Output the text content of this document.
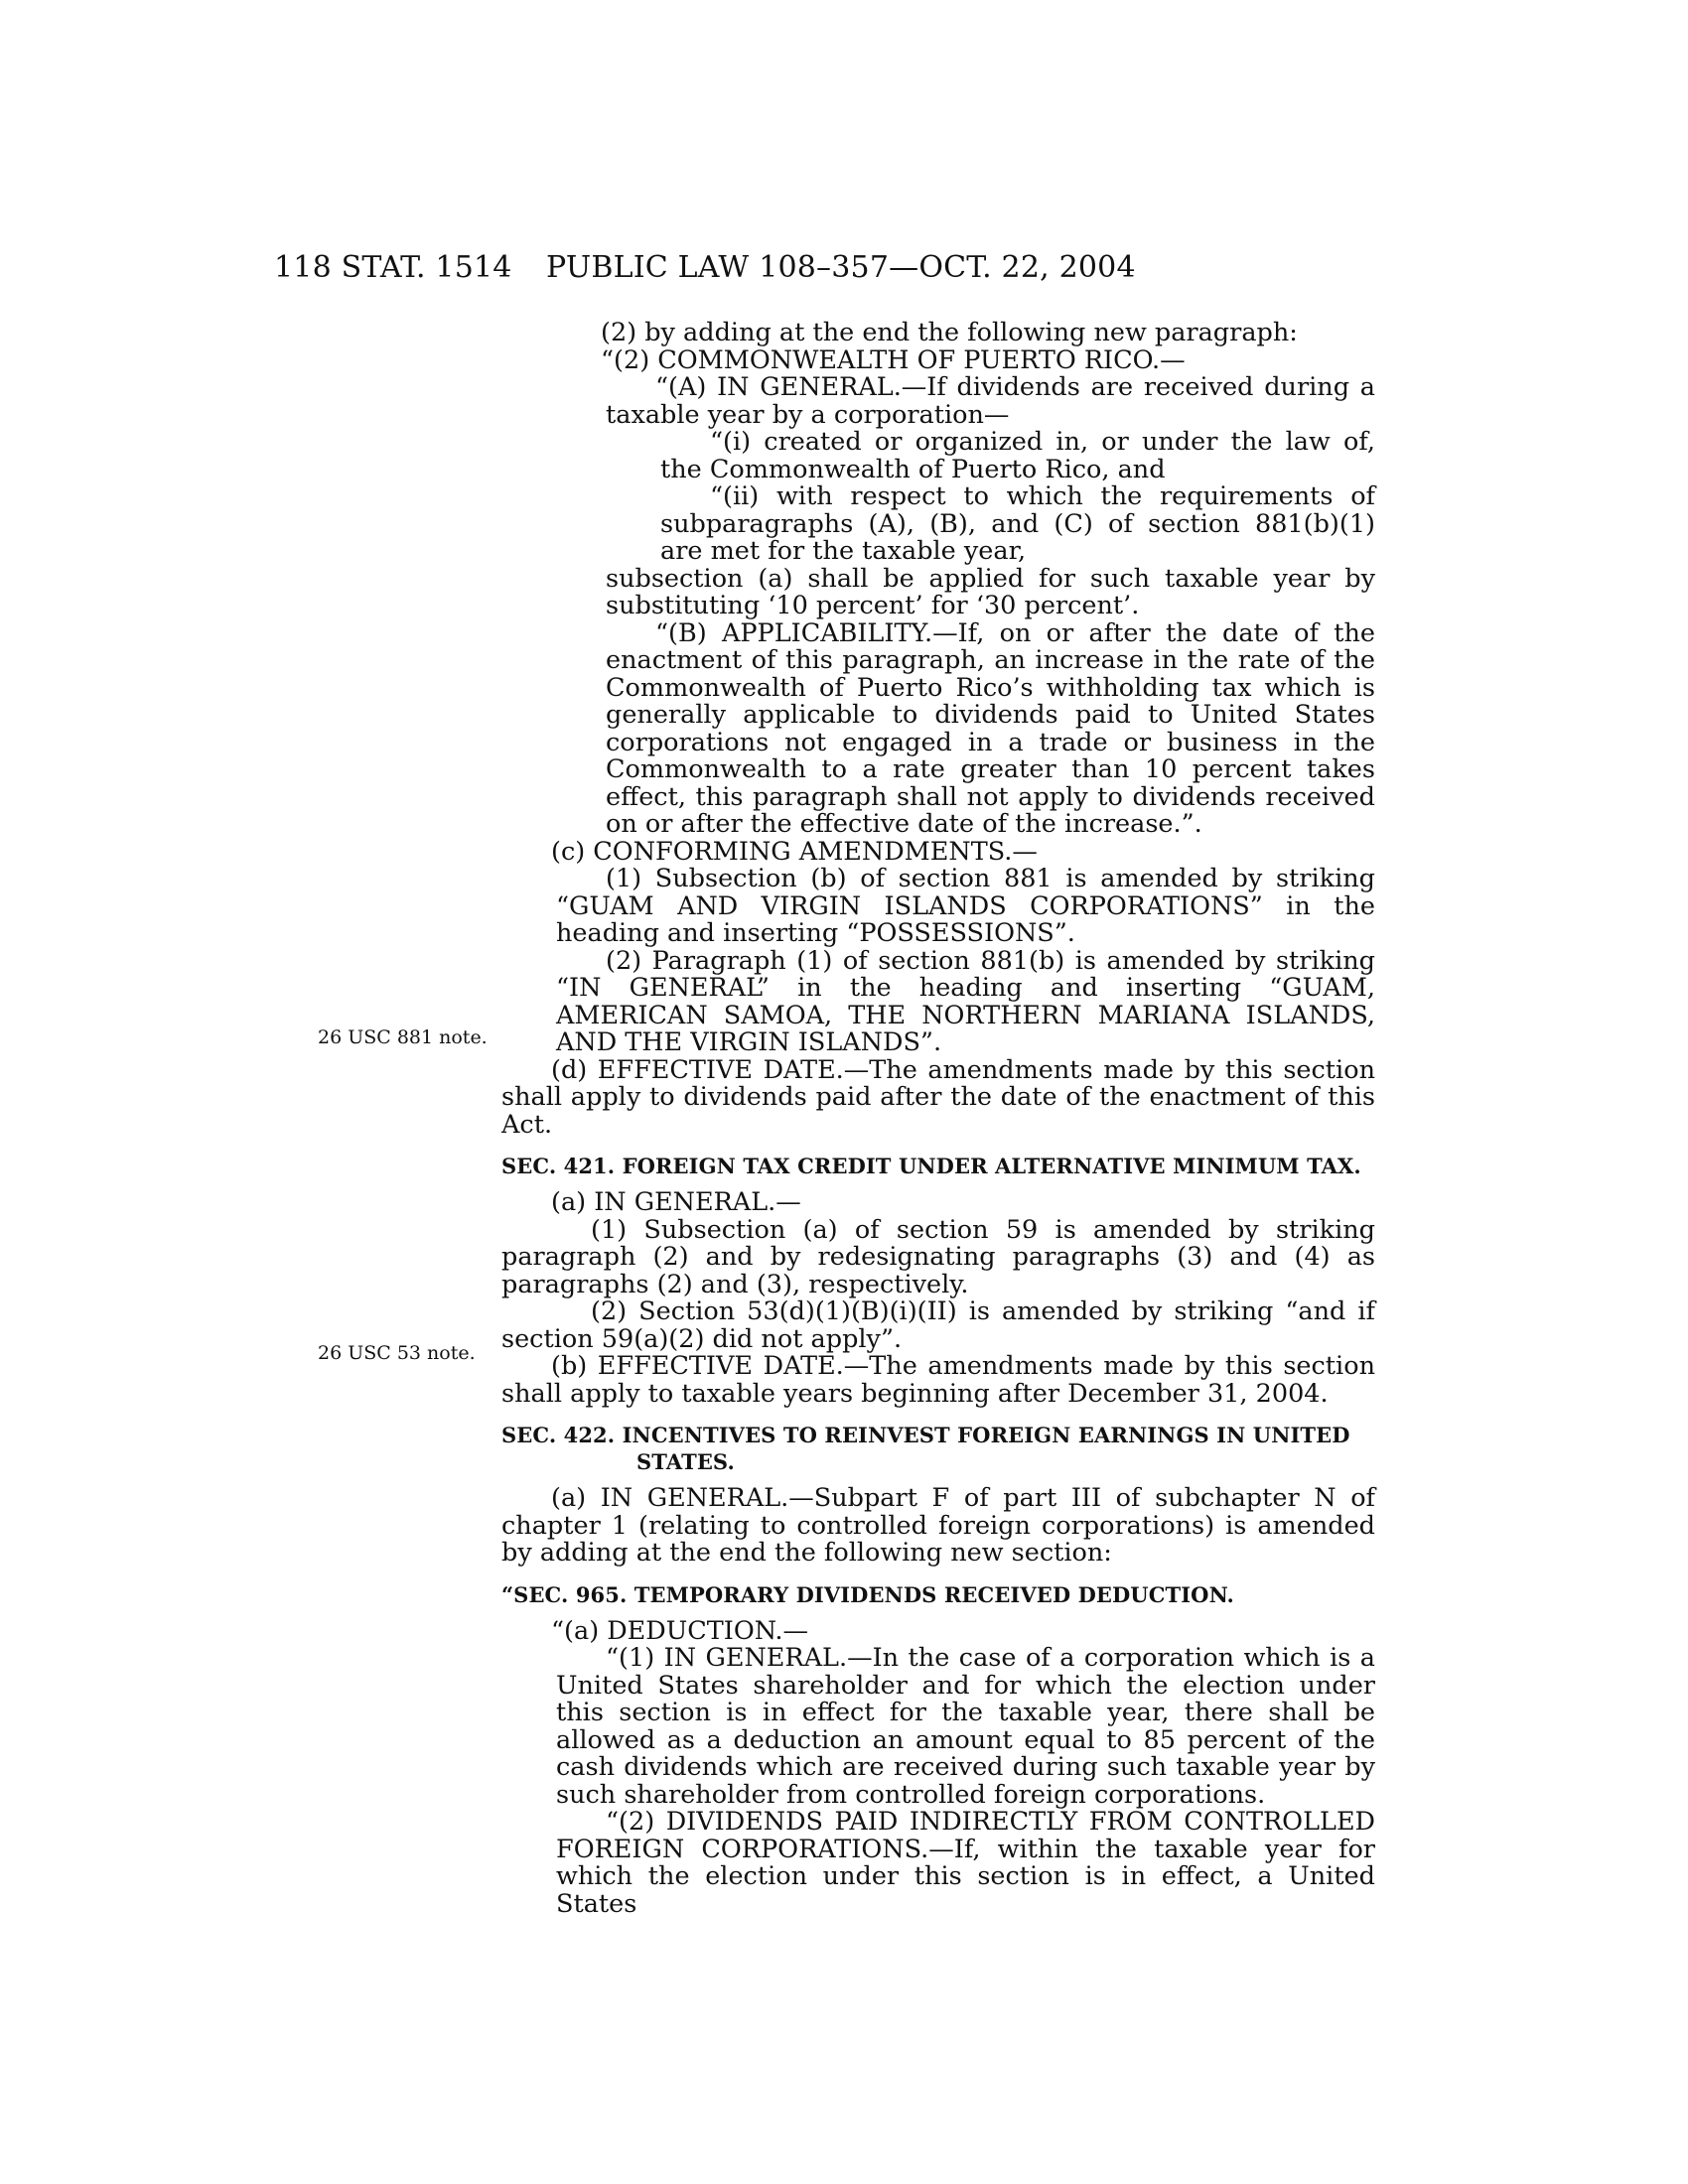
118 STAT. 1514 PUBLIC LAW 108–357—OCT. 22, 2004
26 USC 881 note.
26 USC 53 note.

(2) by adding at the end the following new paragraph:

“(2) COMMONWEALTH OF PUERTO RICO.—

“(A) IN GENERAL.—If dividends are received during a taxable year by a corporation—

“(i) created or organized in, or under the law of, the Commonwealth of Puerto Rico, and

“(ii) with respect to which the requirements of subparagraphs (A), (B), and (C) of section 881(b)(1) are met for the taxable year,

subsection (a) shall be applied for such taxable year by substituting ‘10 percent’ for ‘30 percent’.

“(B) APPLICABILITY.—If, on or after the date of the enactment of this paragraph, an increase in the rate of the Commonwealth of Puerto Rico’s withholding tax which is generally applicable to dividends paid to United States corporations not engaged in a trade or business in the Commonwealth to a rate greater than 10 percent takes effect, this paragraph shall not apply to dividends received on or after the effective date of the increase.”.

(c) CONFORMING AMENDMENTS.—

(1) Subsection (b) of section 881 is amended by striking “GUAM AND VIRGIN ISLANDS CORPORATIONS” in the heading and inserting “POSSESSIONS”.

(2) Paragraph (1) of section 881(b) is amended by striking “IN GENERAL” in the heading and inserting “GUAM, AMERICAN SAMOA, THE NORTHERN MARIANA ISLANDS, AND THE VIRGIN ISLANDS”.

(d) EFFECTIVE DATE.—The amendments made by this section shall apply to dividends paid after the date of the enactment of this Act.

SEC. 421. FOREIGN TAX CREDIT UNDER ALTERNATIVE MINIMUM TAX.

(a) IN GENERAL.—

(1) Subsection (a) of section 59 is amended by striking paragraph (2) and by redesignating paragraphs (3) and (4) as paragraphs (2) and (3), respectively.

(2) Section 53(d)(1)(B)(i)(II) is amended by striking “and if section 59(a)(2) did not apply”.

(b) EFFECTIVE DATE.—The amendments made by this section shall apply to taxable years beginning after December 31, 2004.

SEC. 422. INCENTIVES TO REINVEST FOREIGN EARNINGS IN UNITED STATES.

(a) IN GENERAL.—Subpart F of part III of subchapter N of chapter 1 (relating to controlled foreign corporations) is amended by adding at the end the following new section:

“SEC. 965. TEMPORARY DIVIDENDS RECEIVED DEDUCTION.

“(a) DEDUCTION.—

“(1) IN GENERAL.—In the case of a corporation which is a United States shareholder and for which the election under this section is in effect for the taxable year, there shall be allowed as a deduction an amount equal to 85 percent of the cash dividends which are received during such taxable year by such shareholder from controlled foreign corporations.

“(2) DIVIDENDS PAID INDIRECTLY FROM CONTROLLED FOREIGN CORPORATIONS.—If, within the taxable year for which the election under this section is in effect, a United States
